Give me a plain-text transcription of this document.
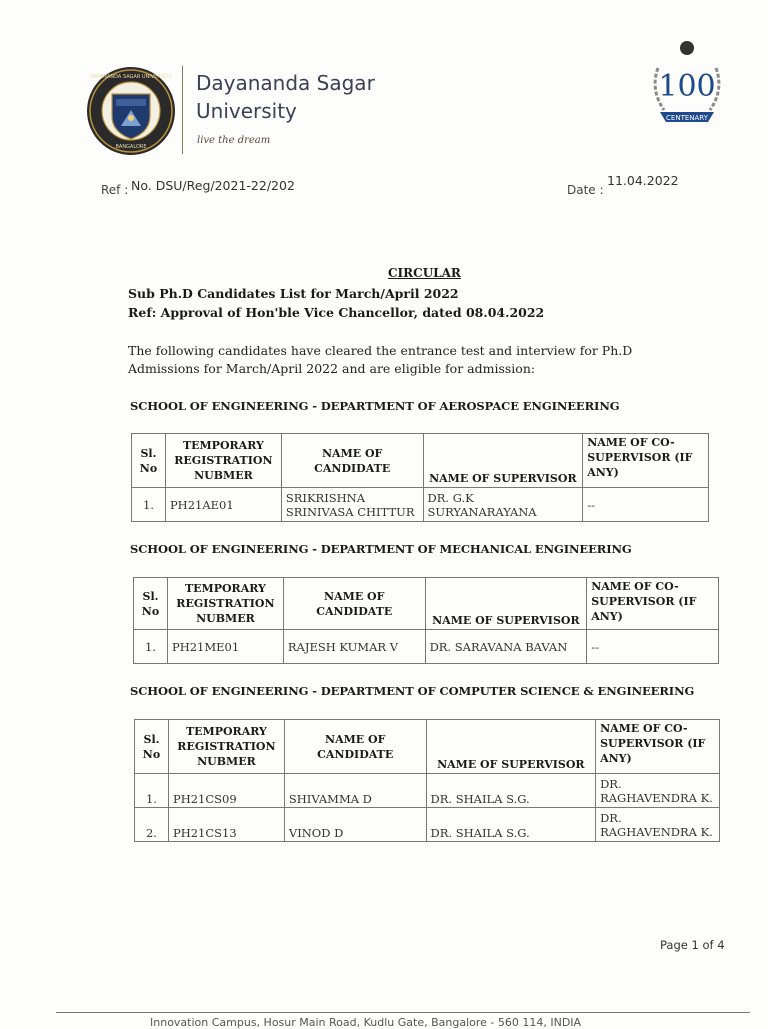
BANGALORE
DAYANANDA SAGAR UNIVERSITY Dayananda Sagar
University
live the dream
100
CENTENARY
Ref : No. DSU/Reg/2021-22/202	Date :
11.04.2022
CIRCULAR
Sub Ph.D Candidates List for March/April 2022
Ref: Approval of Hon'ble Vice Chancellor, dated 08.04.2022
The following candidates have cleared the entrance test and interview for Ph.D Admissions for March/April 2022 and are eligible for admission:
SCHOOL OF ENGINEERING - DEPARTMENT OF AEROSPACE ENGINEERING
Sl. No	TEMPORARY REGISTRATION NUBMER	NAME OF CANDIDATE	NAME OF SUPERVISOR	NAME OF CO-SUPERVISOR (IF ANY)
1.	PH21AE01	SRIKRISHNA SRINIVASA CHITTUR	DR. G.K SURYANARAYANA	--
SCHOOL OF ENGINEERING - DEPARTMENT OF MECHANICAL ENGINEERING
Sl. No	TEMPORARY REGISTRATION NUBMER	NAME OF CANDIDATE	NAME OF SUPERVISOR	NAME OF CO-SUPERVISOR (IF ANY)
1.	PH21ME01	RAJESH KUMAR V	DR. SARAVANA BAVAN	--
SCHOOL OF ENGINEERING - DEPARTMENT OF COMPUTER SCIENCE & ENGINEERING
Sl. No	TEMPORARY REGISTRATION NUBMER	NAME OF CANDIDATE	NAME OF SUPERVISOR	NAME OF CO-SUPERVISOR (IF ANY)
1.	PH21CS09	SHIVAMMA D	DR. SHAILA S.G.	DR. RAGHAVENDRA K.
2.	PH21CS13	VINOD D	DR. SHAILA S.G.	DR. RAGHAVENDRA K.
Page 1 of 4
Innovation Campus, Hosur Main Road, Kudlu Gate, Bangalore - 560 114, INDIA
